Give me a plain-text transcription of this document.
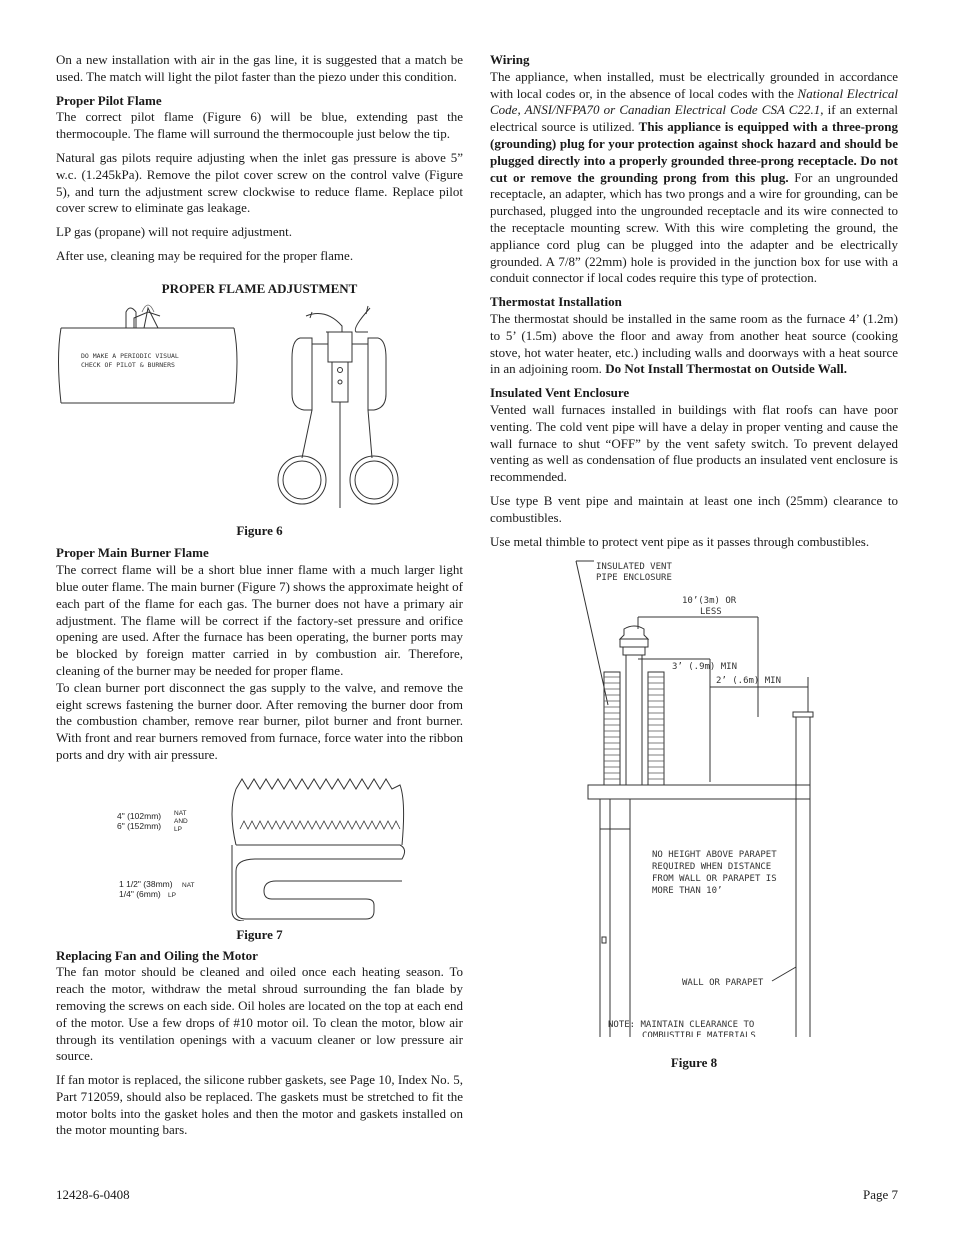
On a new installation with air in the gas line, it is suggested that a match be used. The match will light the pilot faster than the piezo under this condition.

Proper Pilot Flame

The correct pilot flame (Figure 6) will be blue, extending past the thermocouple. The flame will surround the thermocouple just below the tip.

Natural gas pilots require adjusting when the inlet gas pressure is above 5” w.c. (1.245kPa). Remove the pilot cover screw on the control valve (Figure 5), and turn the adjustment screw clockwise to reduce flame. Replace pilot cover screw to eliminate gas leakage.

LP gas (propane) will not require adjustment.

After use, cleaning may be required for the proper flame.

PROPER FLAME ADJUSTMENT
DO MAKE A PERIODIC VISUAL
CHECK OF PILOT & BURNERS
Figure 6
Proper Main Burner Flame

The correct flame will be a short blue inner flame with a much larger light blue outer flame. The main burner (Figure 7) shows the approximate height of each part of the flame for each gas. The burner does not have a primary air adjustment. The flame will be correct if the factory-set pressure and orifice opening are used. After the furnace has been operating, the burner ports may be blocked by foreign matter carried in by combustion air. Therefore, cleaning of the burner may be needed for proper flame.

To clean burner port disconnect the gas supply to the valve, and remove the eight screws fastening the burner door. After removing the burner door from the combustion chamber, remove rear burner, pilot burner and front burner. With front and rear burners removed from furnace, force water into the ribbon ports and dry with air pressure.

4" (102mm)
6" (152mm)
NAT
AND
LP
1 1/2" (38mm) NAT
1/4" (6mm) LP
Figure 7
Replacing Fan and Oiling the Motor

The fan motor should be cleaned and oiled once each heating season. To reach the motor, withdraw the metal shroud surrounding the fan blade by removing the screws on each side. Oil holes are located on the top at each end of the motor. Use a few drops of #10 motor oil. To clean the motor, blow air through its ventilation openings with a vacuum cleaner or low pressure air source.

If fan motor is replaced, the silicone rubber gaskets, see Page 10, Index No. 5, Part 712059, should also be replaced. The gaskets must be stretched to fit the motor bolts into the gasket holes and then the motor and gaskets installed on the motor mounting bars.

Wiring

The appliance, when installed, must be electrically grounded in accordance with local codes or, in the absence of local codes with the National Electrical Code, ANSI/NFPA70 or Canadian Electrical Code CSA C22.1, if an external electrical source is utilized. This appliance is equipped with a three-prong (grounding) plug for your protection against shock hazard and should be plugged directly into a properly grounded three-prong receptacle. Do not cut or remove the grounding prong from this plug. For an ungrounded receptacle, an adapter, which has two prongs and a wire for grounding, can be purchased, plugged into the ungrounded receptacle and its wire connected to the receptacle mounting screw. With this wire completing the ground, the appliance cord plug can be plugged into the adapter and be electrically grounded. A 7/8” (22mm) hole is provided in the junction box for use with a conduit connector if local codes require this type of protection.

Thermostat Installation

The thermostat should be installed in the same room as the furnace 4’ (1.2m) to 5’ (1.5m) above the floor and away from another heat source (cooking stove, hot water heater, etc.) including walls and doorways with a heat source in an adjoining room. Do Not Install Thermostat on Outside Wall.

Insulated Vent Enclosure

Vented wall furnaces installed in buildings with flat roofs can have poor venting. The cold vent pipe will have a delay in proper venting and cause the wall furnace to shut “OFF” by the vent safety switch. To prevent delayed venting as well as condensation of flue products an insulated vent enclosure is recommended.

Use type B vent pipe and maintain at least one inch (25mm) clearance to combustibles.

Use metal thimble to protect vent pipe as it passes through combustibles.

INSULATED VENT
PIPE ENCLOSURE
10’(3m) OR
LESS
3’ (.9m) MIN
2’ (.6m) MIN
NO HEIGHT ABOVE PARAPET
REQUIRED WHEN DISTANCE
FROM WALL OR PARAPET IS
MORE THAN 10’
WALL OR PARAPET
NOTE: MAINTAIN CLEARANCE TO
COMBUSTIBLE MATERIALS
Figure 8
12428-6-0408	Page 7
